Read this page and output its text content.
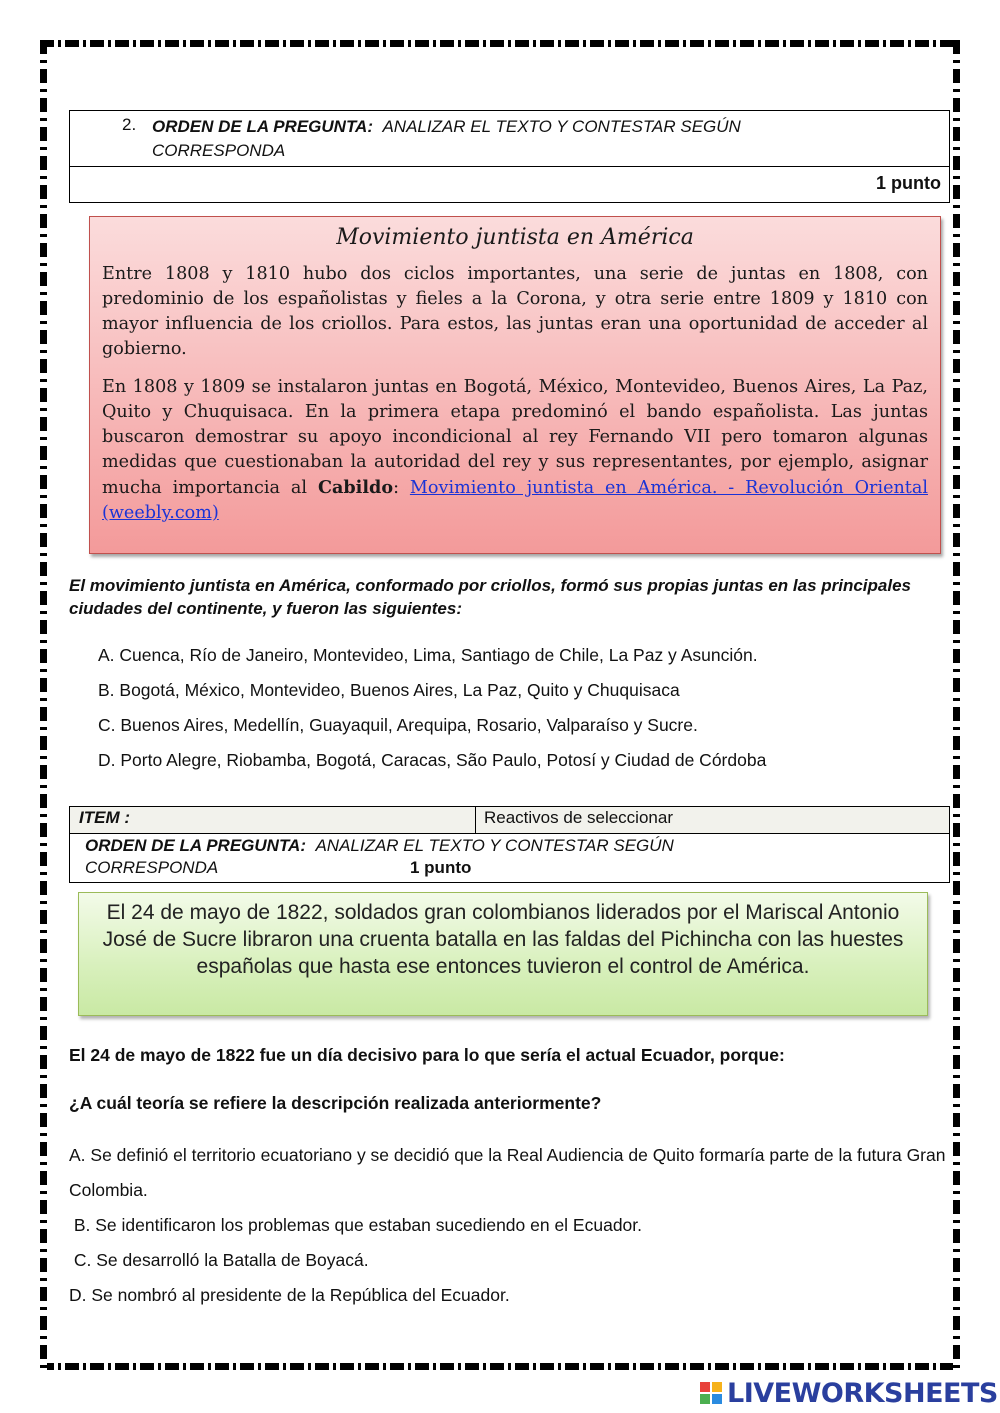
2. ORDEN DE LA PREGUNTA: ANALIZAR EL TEXTO Y CONTESTAR SEGÚN
CORRESPONDA
1 punto
Movimiento juntista en América

Entre 1808 y 1810 hubo dos ciclos importantes, una serie de juntas en 1808, con predominio de los españolistas y fieles a la Corona, y otra serie entre 1809 y 1810 con mayor influencia de los criollos. Para estos, las juntas eran una oportunidad de acceder al gobierno.

En 1808 y 1809 se instalaron juntas en Bogotá, México, Montevideo, Buenos Aires, La Paz, Quito y Chuquisaca. En la primera etapa predominó el bando españolista. Las juntas buscaron demostrar su apoyo incondicional al rey Fernando VII pero tomaron algunas medidas que cuestionaban la autoridad del rey y sus representantes, por ejemplo, asignar mucha importancia al Cabildo: Movimiento juntista en América. - Revolución Oriental (weebly.com)

El movimiento juntista en América, conformado por criollos, formó sus propias juntas en las principales ciudades del continente, y fueron las siguientes:
A. Cuenca, Río de Janeiro, Montevideo, Lima, Santiago de Chile, La Paz y Asunción.
B. Bogotá, México, Montevideo, Buenos Aires, La Paz, Quito y Chuquisaca
C. Buenos Aires, Medellín, Guayaquil, Arequipa, Rosario, Valparaíso y Sucre.
D. Porto Alegre, Riobamba, Bogotá, Caracas, São Paulo, Potosí y Ciudad de Córdoba
ITEM :	Reactivos de seleccionar
ORDEN DE LA PREGUNTA: ANALIZAR EL TEXTO Y CONTESTAR SEGÚN
CORRESPONDA	1 punto
El 24 de mayo de 1822, soldados gran colombianos liderados por el Mariscal Antonio José de Sucre libraron una cruenta batalla en las faldas del Pichincha con las huestes españolas que hasta ese entonces tuvieron el control de América.
El 24 de mayo de 1822 fue un día decisivo para lo que sería el actual Ecuador, porque:
¿A cuál teoría se refiere la descripción realizada anteriormente?
A. Se definió el territorio ecuatoriano y se decidió que la Real Audiencia de Quito formaría parte de la futura Gran Colombia.
B. Se identificaron los problemas que estaban sucediendo en el Ecuador.
C. Se desarrolló la Batalla de Boyacá.
D. Se nombró al presidente de la República del Ecuador.
LIVEWORKSHEETS
